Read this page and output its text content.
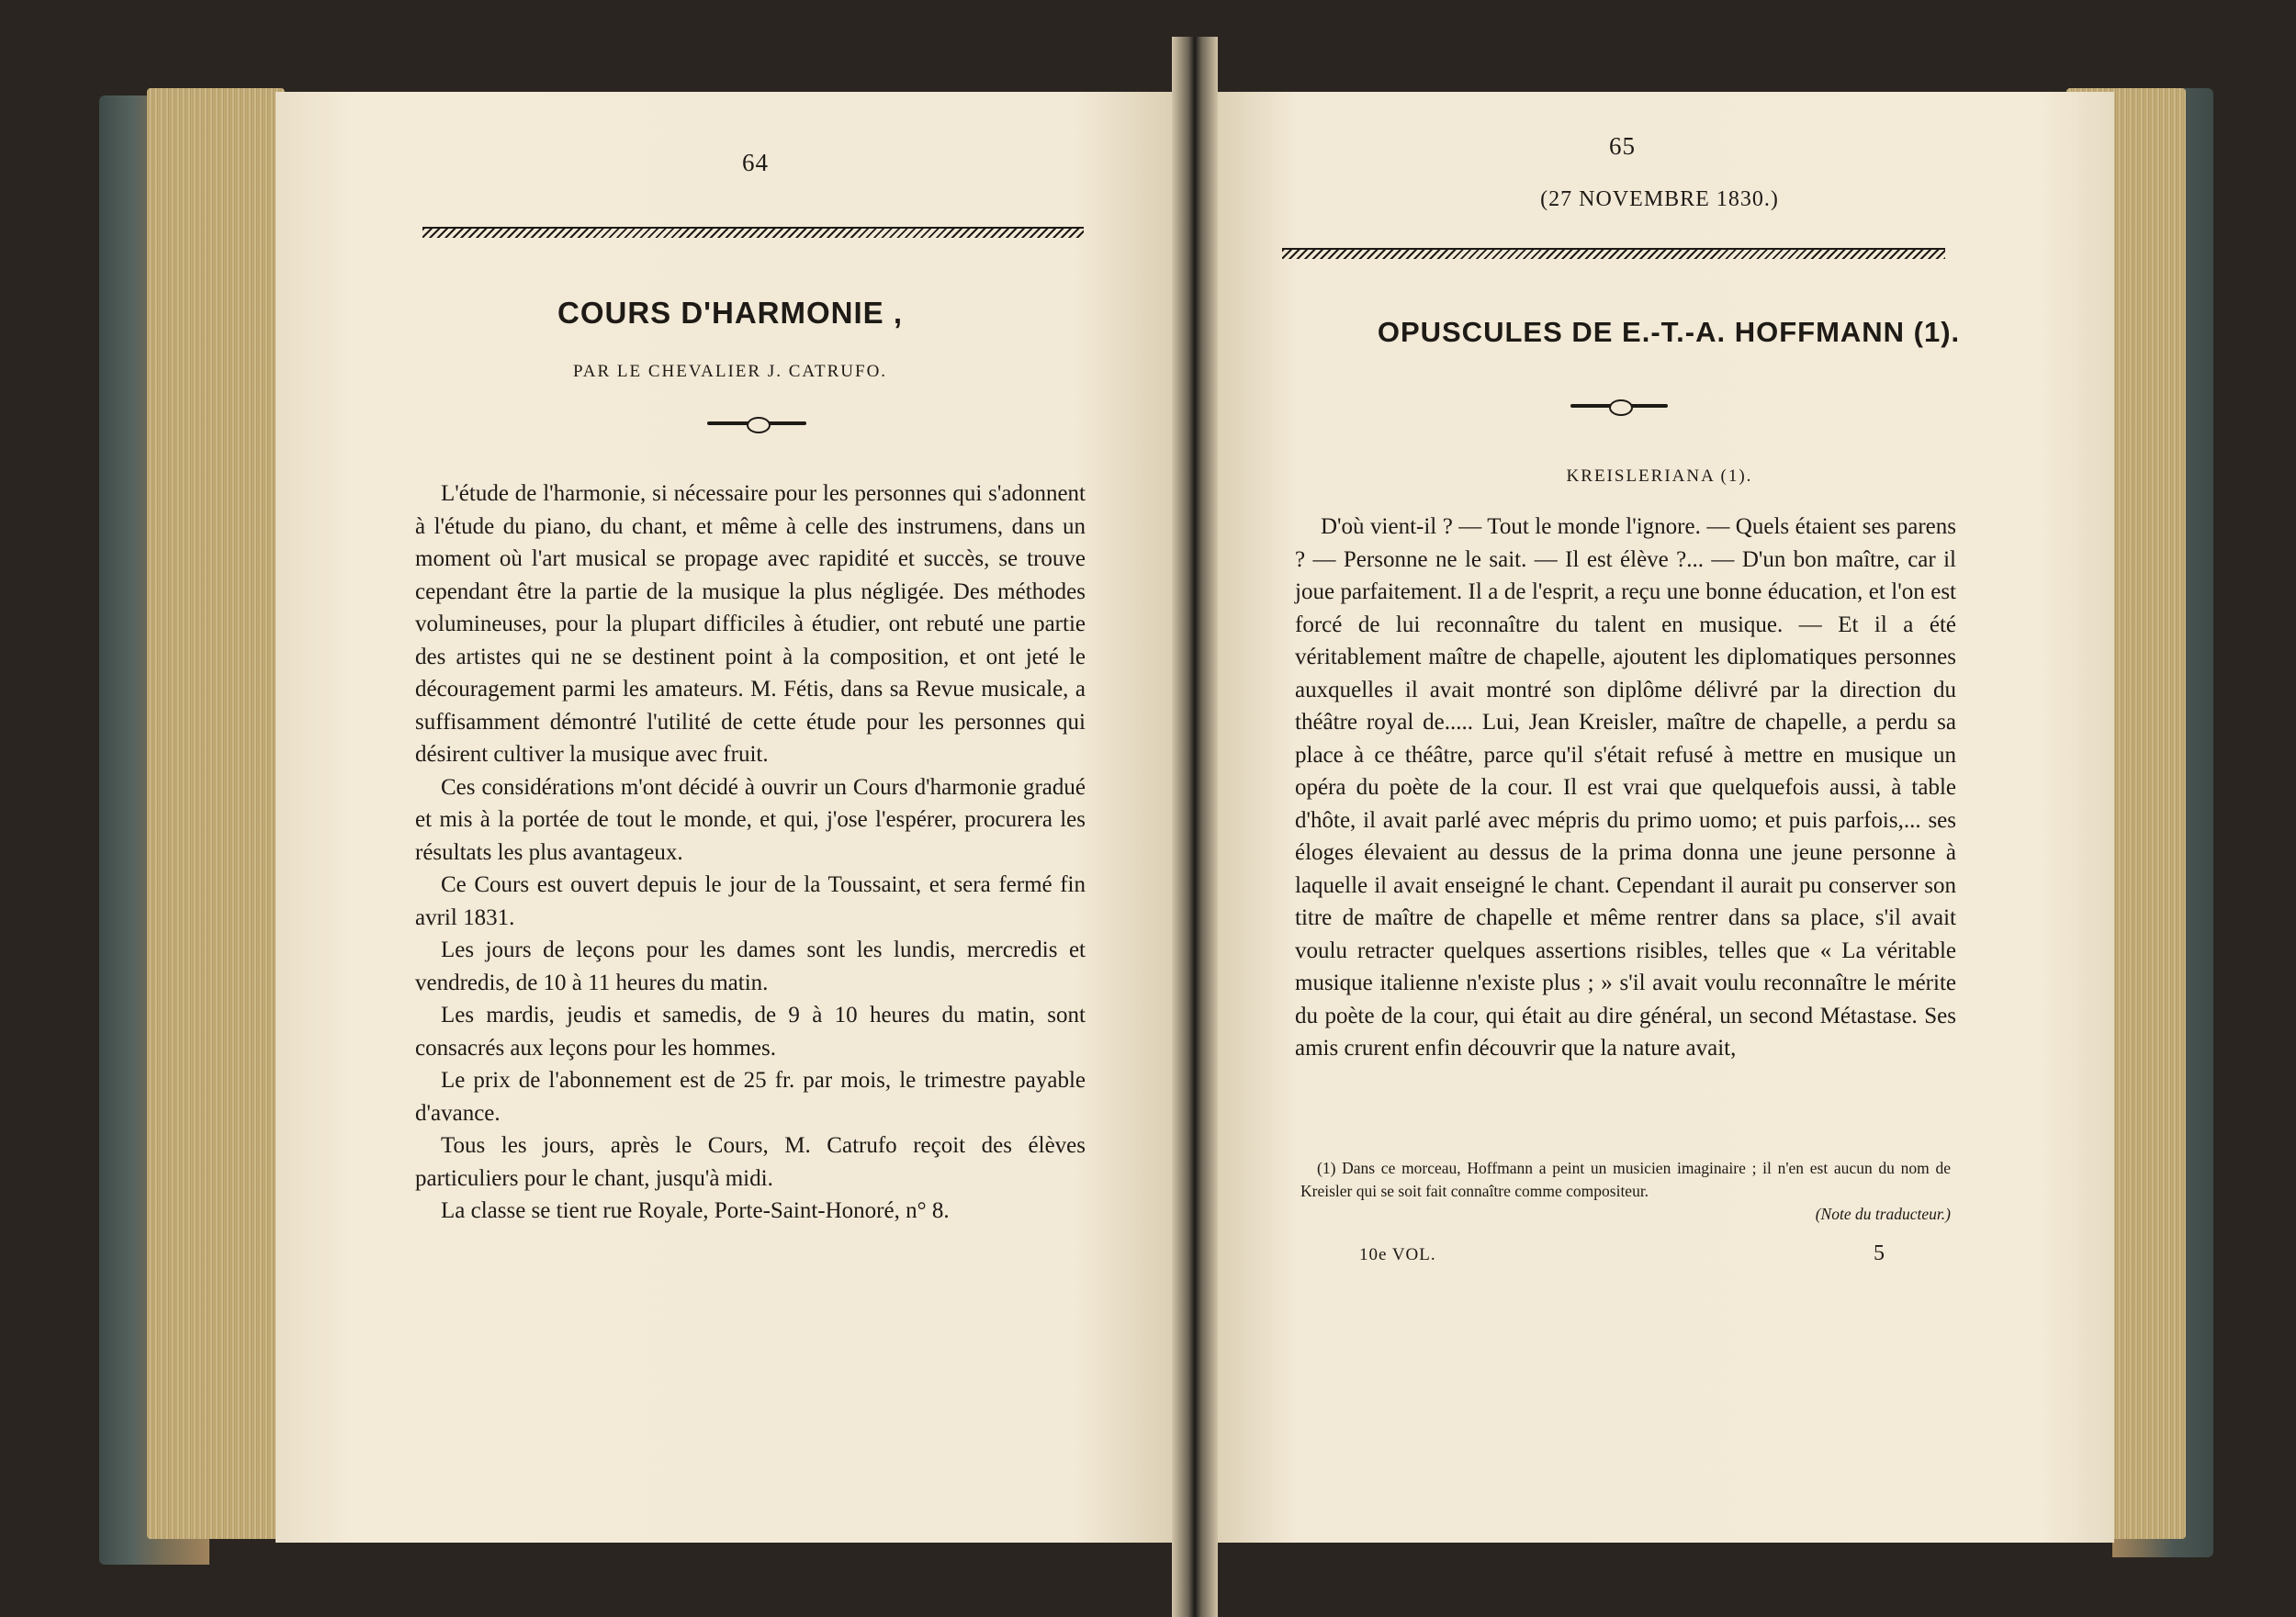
64
COURS D'HARMONIE ,
PAR LE CHEVALIER J. CATRUFO.

L'étude de l'harmonie, si nécessaire pour les personnes qui s'adonnent à l'étude du piano, du chant, et même à celle des instrumens, dans un moment où l'art musical se propage avec rapidité et succès, se trouve cependant être la partie de la musique la plus négligée. Des méthodes volumineuses, pour la plupart difficiles à étudier, ont rebuté une partie des artistes qui ne se destinent point à la composition, et ont jeté le découragement parmi les amateurs. M. Fétis, dans sa Revue musicale, a suffisamment démontré l'utilité de cette étude pour les personnes qui désirent cultiver la musique avec fruit.

Ces considérations m'ont décidé à ouvrir un Cours d'harmonie gradué et mis à la portée de tout le monde, et qui, j'ose l'espérer, procurera les résultats les plus avantageux.

Ce Cours est ouvert depuis le jour de la Toussaint, et sera fermé fin avril 1831.

Les jours de leçons pour les dames sont les lundis, mercredis et vendredis, de 10 à 11 heures du matin.

Les mardis, jeudis et samedis, de 9 à 10 heures du matin, sont consacrés aux leçons pour les hommes.

Le prix de l'abonnement est de 25 fr. par mois, le trimestre payable d'avance.

Tous les jours, après le Cours, M. Catrufo reçoit des élèves particuliers pour le chant, jusqu'à midi.

La classe se tient rue Royale, Porte-Saint-Honoré, n° 8.

65
(27 NOVEMBRE 1830.)
OPUSCULES DE E.-T.-A. HOFFMANN (1).
KREISLERIANA (1).

D'où vient-il ? — Tout le monde l'ignore. — Quels étaient ses parens ? — Personne ne le sait. — Il est élève ?... — D'un bon maître, car il joue parfaitement. Il a de l'esprit, a reçu une bonne éducation, et l'on est forcé de lui reconnaître du talent en musique. — Et il a été véritablement maître de chapelle, ajoutent les diplomatiques personnes auxquelles il avait montré son diplôme délivré par la direction du théâtre royal de..... Lui, Jean Kreisler, maître de chapelle, a perdu sa place à ce théâtre, parce qu'il s'était refusé à mettre en musique un opéra du poète de la cour. Il est vrai que quelquefois aussi, à table d'hôte, il avait parlé avec mépris du primo uomo; et puis parfois,... ses éloges élevaient au dessus de la prima donna une jeune personne à laquelle il avait enseigné le chant. Cependant il aurait pu conserver son titre de maître de chapelle et même rentrer dans sa place, s'il avait voulu retracter quelques assertions risibles, telles que « La véritable musique italienne n'existe plus ; » s'il avait voulu reconnaître le mérite du poète de la cour, qui était au dire général, un second Métastase. Ses amis crurent enfin découvrir que la nature avait,

(1) Dans ce morceau, Hoffmann a peint un musicien imaginaire ; il n'en est aucun du nom de Kreisler qui se soit fait connaître comme compositeur.

(Note du traducteur.)
10e VOL.	5
